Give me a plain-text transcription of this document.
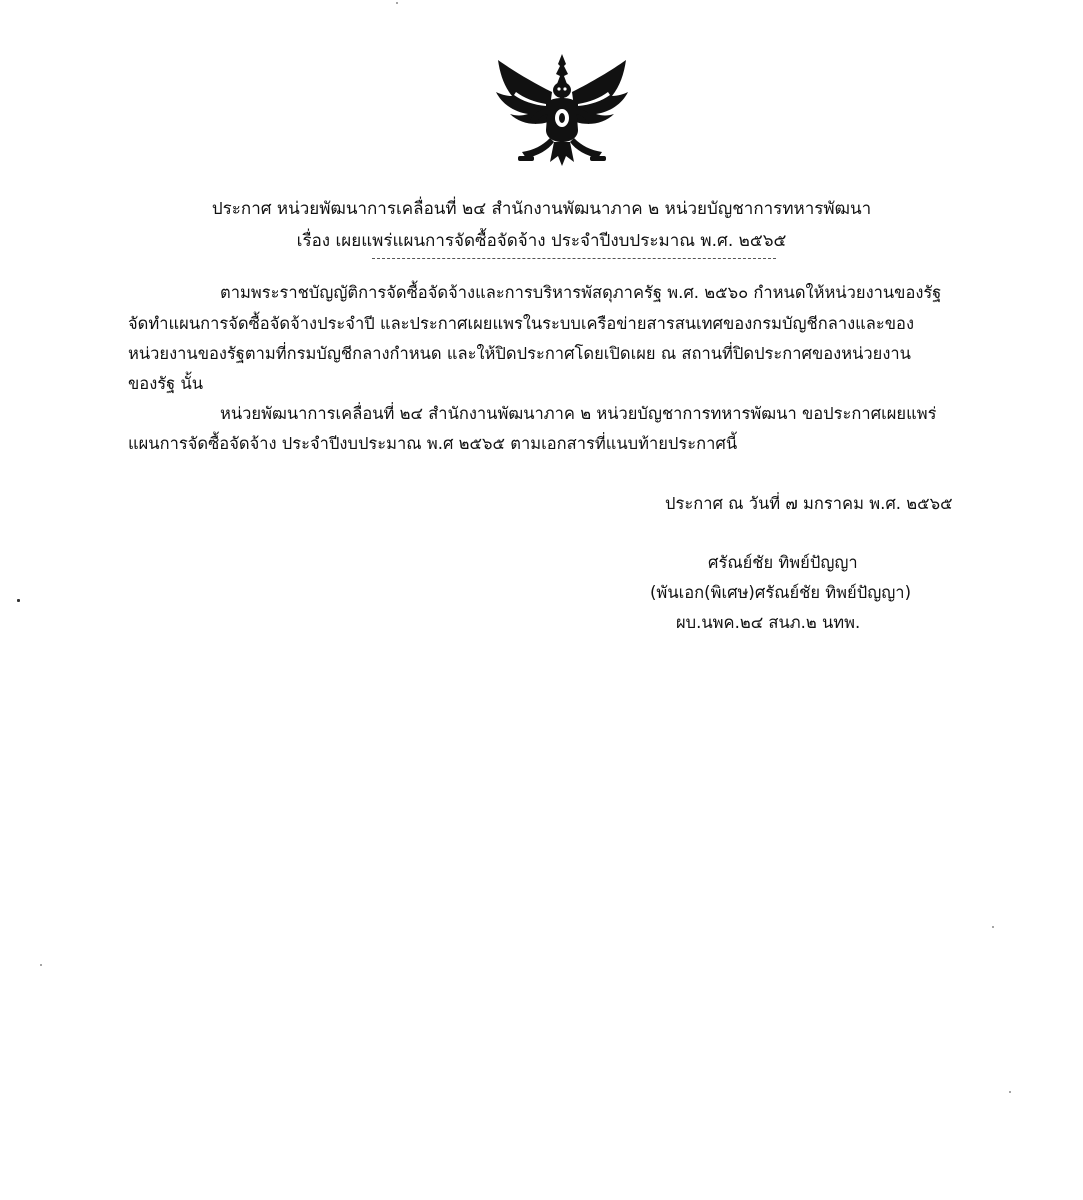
ประกาศ หน่วยพัฒนาการเคลื่อนที่ ๒๔ สำนักงานพัฒนาภาค ๒ หน่วยบัญชาการทหารพัฒนา
เรื่อง เผยแพร่แผนการจัดซื้อจัดจ้าง ประจำปีงบประมาณ พ.ศ. ๒๕๖๕
ตามพระราชบัญญัติการจัดซื้อจัดจ้างและการบริหารพัสดุภาครัฐ พ.ศ. ๒๕๖๐ กำหนดให้หน่วยงานของรัฐ
จัดทำแผนการจัดซื้อจัดจ้างประจำปี และประกาศเผยแพรในระบบเครือข่ายสารสนเทศของกรมบัญชีกลางและของ
หน่วยงานของรัฐตามที่กรมบัญชีกลางกำหนด และให้ปิดประกาศโดยเปิดเผย ณ สถานที่ปิดประกาศของหน่วยงาน
ของรัฐ นั้น
หน่วยพัฒนาการเคลื่อนที่ ๒๔ สำนักงานพัฒนาภาค ๒ หน่วยบัญชาการทหารพัฒนา ขอประกาศเผยแพร่
แผนการจัดซื้อจัดจ้าง ประจำปีงบประมาณ พ.ศ ๒๕๖๕ ตามเอกสารที่แนบท้ายประกาศนี้
ประกาศ ณ วันที่ ๗ มกราคม พ.ศ. ๒๕๖๕
ศรัณย์ชัย ทิพย์ปัญญา
(พันเอก(พิเศษ)ศรัณย์ชัย ทิพย์ปัญญา)
ผบ.นพค.๒๔ สนภ.๒ นทพ.
